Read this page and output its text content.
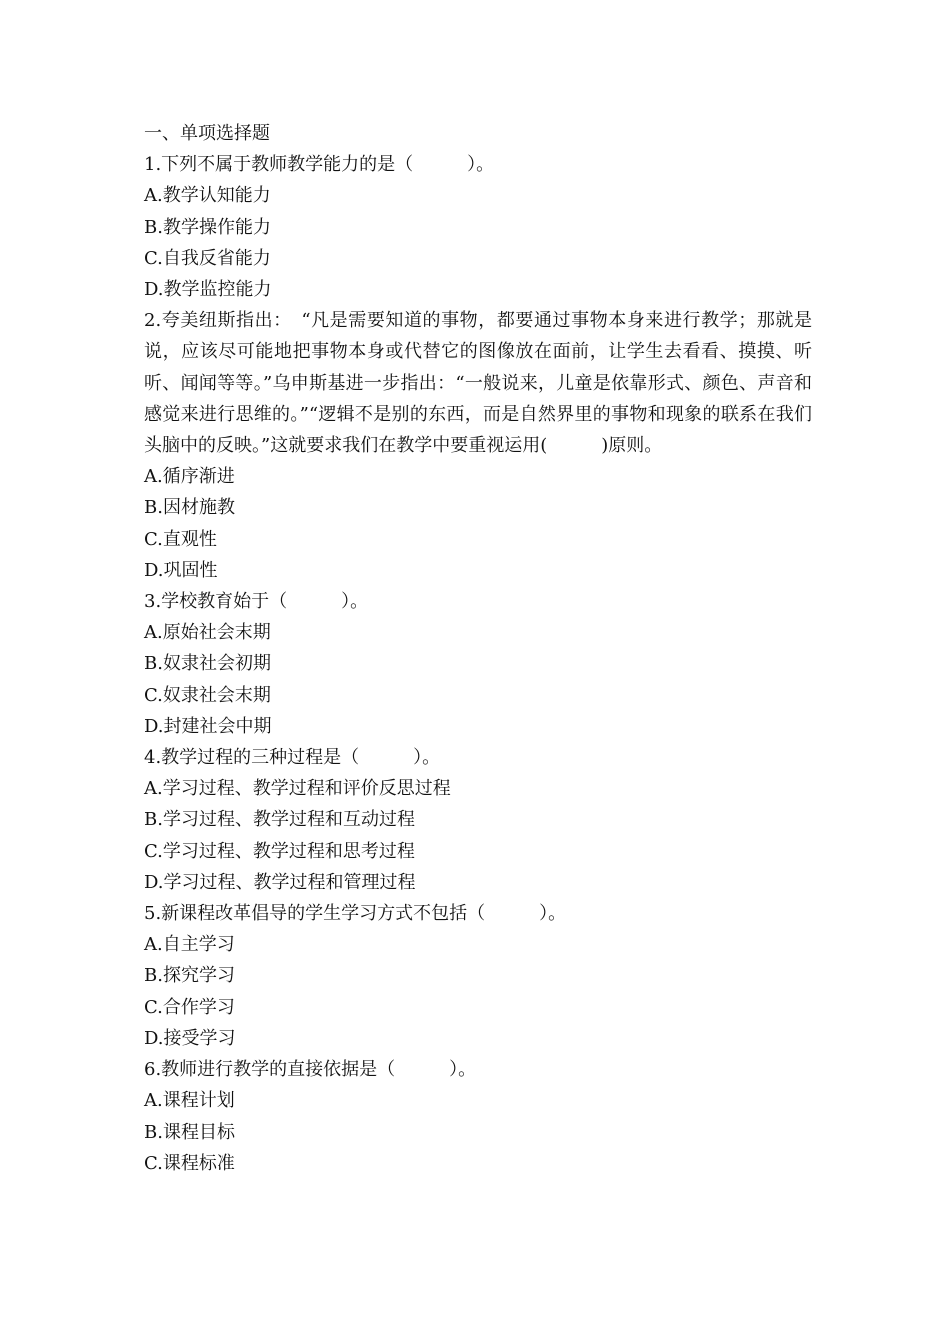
一、单项选择题

1.下列不属于教师教学能力的是（　　　）。

A.教学认知能力

B.教学操作能力

C.自我反省能力

D.教学监控能力

2.夸美纽斯指出：　“凡是需要知道的事物，都要通过事物本身来进行教学；那就是说，应该尽可能地把事物本身或代替它的图像放在面前，让学生去看看、摸摸、听听、闻闻等等。”乌申斯基进一步指出：“一般说来，儿童是依靠形式、颜色、声音和感觉来进行思维的。”“逻辑不是别的东西，而是自然界里的事物和现象的联系在我们头脑中的反映。”这就要求我们在教学中要重视运用(　　　)原则。

A.循序渐进

B.因材施教

C.直观性

D.巩固性

3.学校教育始于（　　　）。

A.原始社会末期

B.奴隶社会初期

C.奴隶社会末期

D.封建社会中期

4.教学过程的三种过程是（　　　）。

A.学习过程、教学过程和评价反思过程

B.学习过程、教学过程和互动过程

C.学习过程、教学过程和思考过程

D.学习过程、教学过程和管理过程

5.新课程改革倡导的学生学习方式不包括（　　　）。

A.自主学习

B.探究学习

C.合作学习

D.接受学习

6.教师进行教学的直接依据是（　　　）。

A.课程计划

B.课程目标

C.课程标准
